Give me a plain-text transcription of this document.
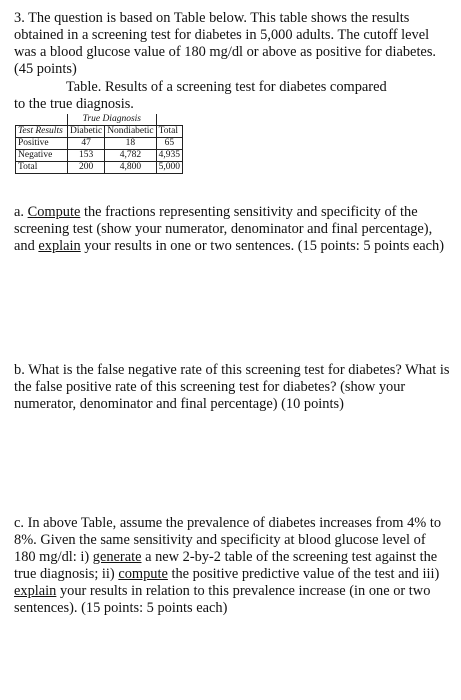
3. The question is based on Table below. This table shows the results obtained in a screening test for diabetes in 5,000 adults. The cutoff level was a blood glucose value of 180 mg/dl or above as positive for diabetes. (45 points)

Table. Results of a screening test for diabetes compared

to the true diagnosis.

	True Diagnosis		
Test Results	Diabetic	Nondiabetic	Total
Positive	47	18	65
Negative	153	4,782	4,935
Total	200	4,800	5,000

a. Compute the fractions representing sensitivity and specificity of the screening test (show your numerator, denominator and final percentage), and explain your results in one or two sentences. (15 points: 5 points each)

b. What is the false negative rate of this screening test for diabetes? What is the false positive rate of this screening test for diabetes? (show your numerator, denominator and final percentage) (10 points)

c. In above Table, assume the prevalence of diabetes increases from 4% to 8%. Given the same sensitivity and specificity at blood glucose level of 180 mg/dl: i) generate a new 2-by-2 table of the screening test against the true diagnosis; ii) compute the positive predictive value of the test and iii) explain your results in relation to this prevalence increase (in one or two sentences). (15 points: 5 points each)
